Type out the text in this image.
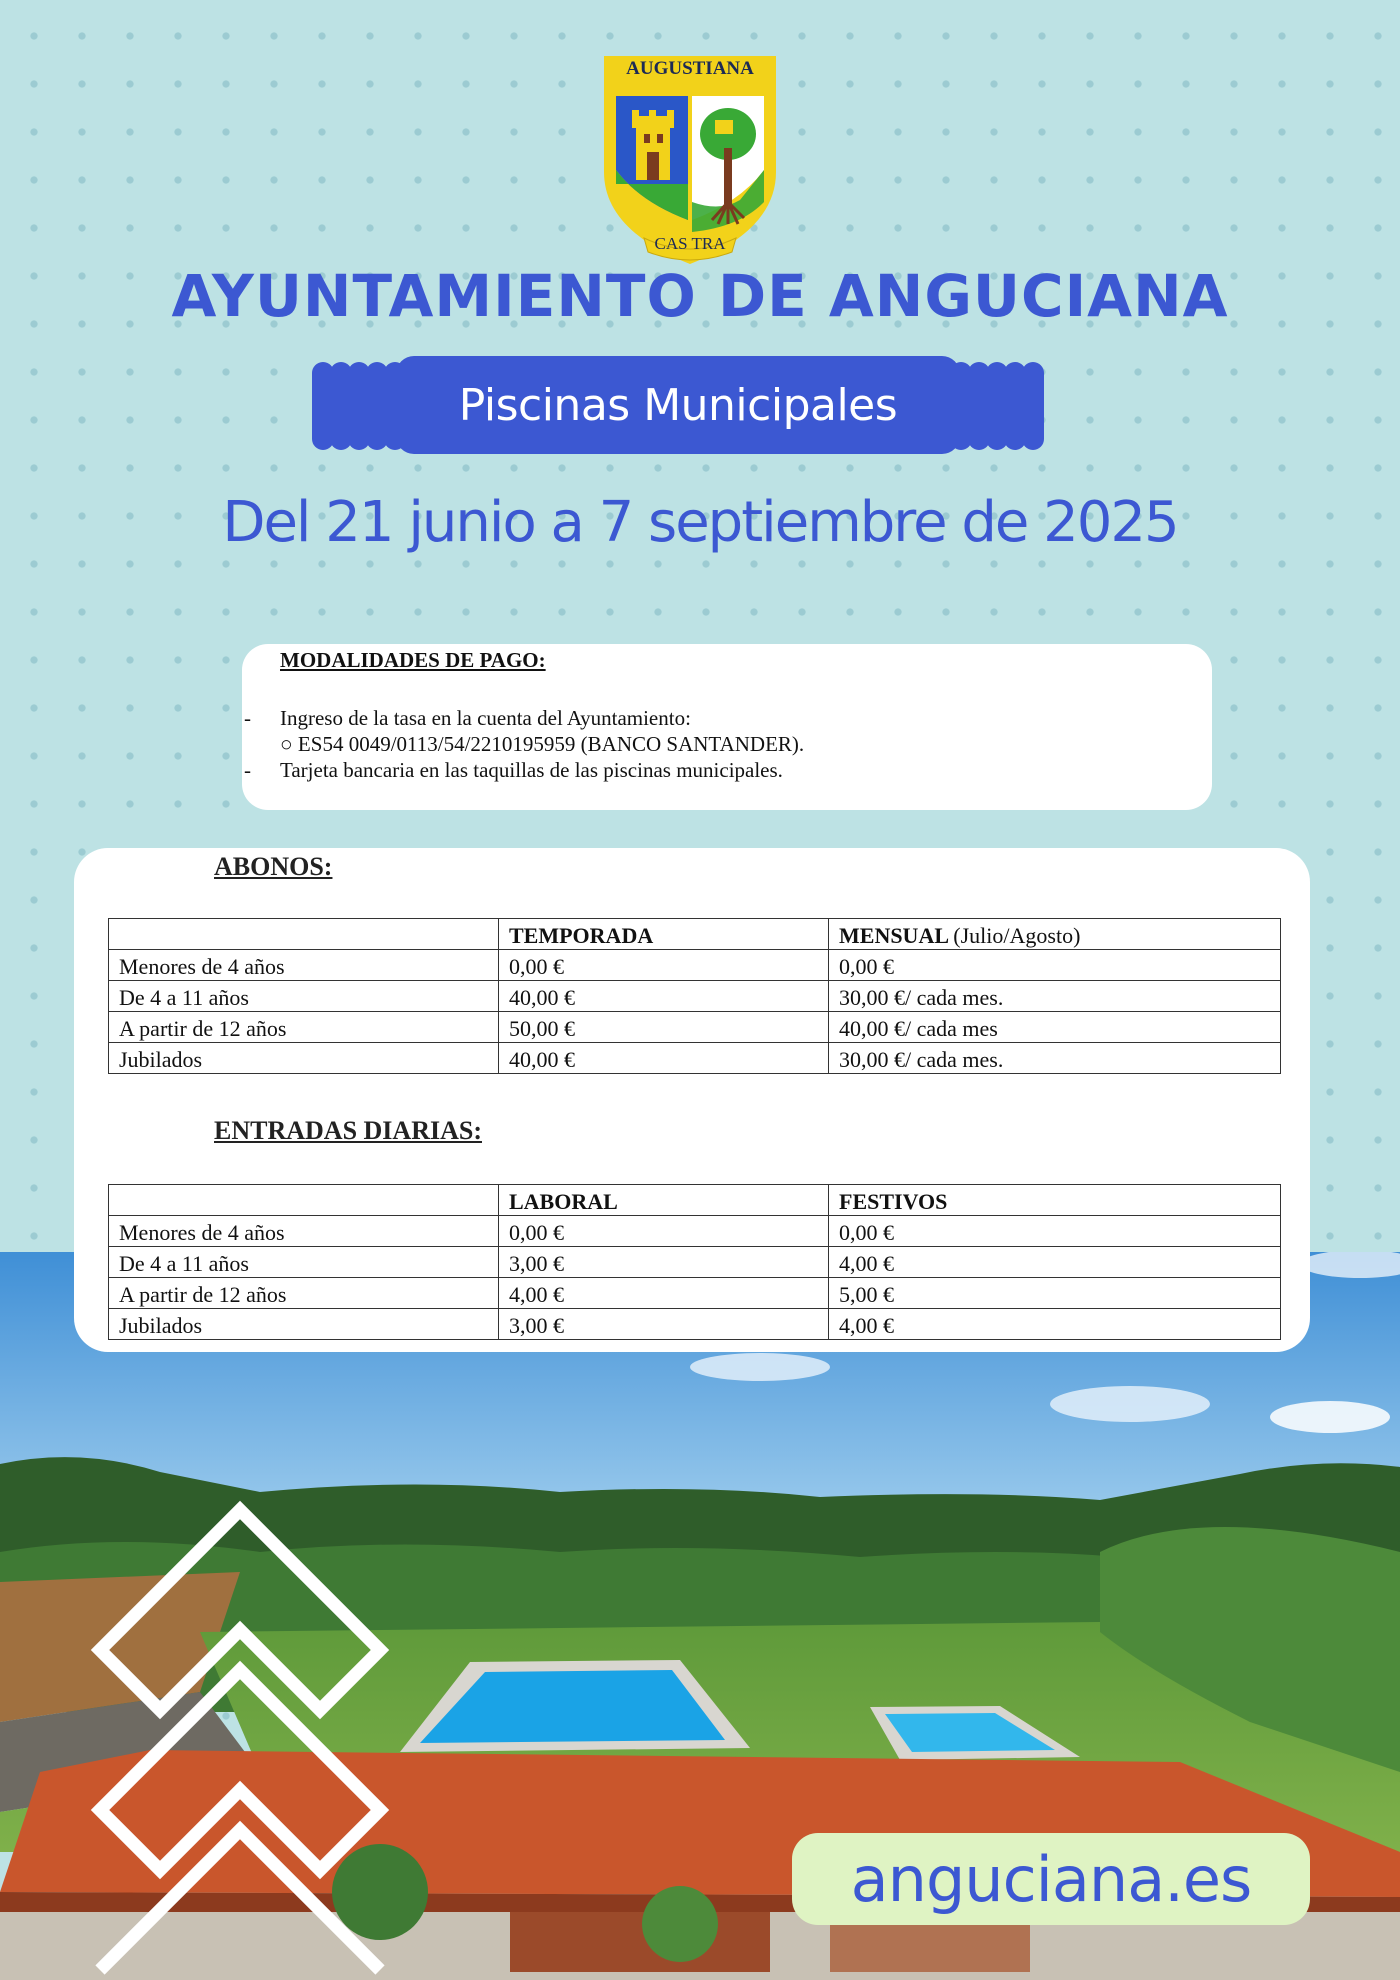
AUGUSTIANA
CAS TRA
AYUNTAMIENTO DE ANGUCIANA
Piscinas Municipales
Del 21 junio a 7 septiembre de 2025
MODALIDADES DE PAGO:
- Ingreso de la tasa en la cuenta del Ayuntamiento:
○ ES54 0049/0113/54/2210195959 (BANCO SANTANDER).
- Tarjeta bancaria en las taquillas de las piscinas municipales.
ABONOS:
	TEMPORADA	MENSUAL (Julio/Agosto)
Menores de 4 años	0,00 €	0,00 €
De 4 a 11 años	40,00 €	30,00 €/ cada mes.
A partir de 12 años	50,00 €	40,00 €/ cada mes
Jubilados	40,00 €	30,00 €/ cada mes.
ENTRADAS DIARIAS:
	LABORAL	FESTIVOS
Menores de 4 años	0,00 €	0,00 €
De 4 a 11 años	3,00 €	4,00 €
A partir de 12 años	4,00 €	5,00 €
Jubilados	3,00 €	4,00 €
anguciana.es
